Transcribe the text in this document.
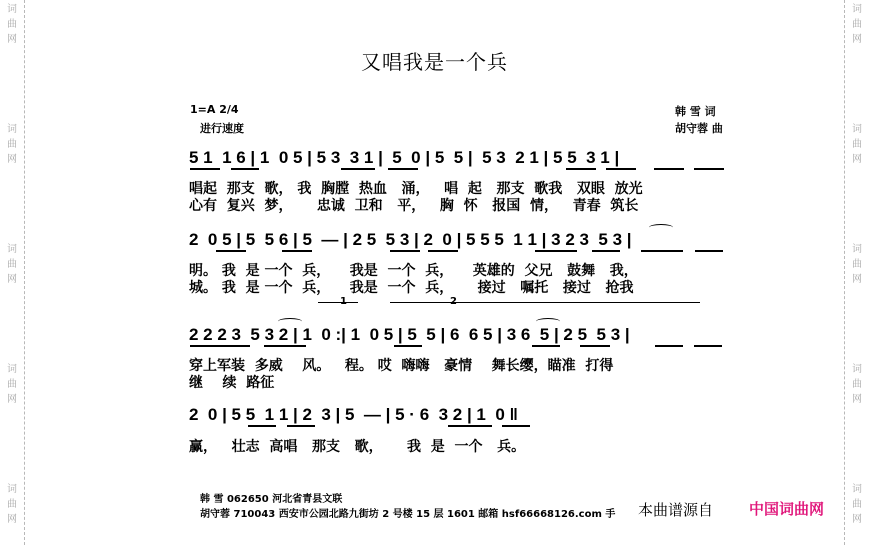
词
曲
网
词
曲
网
词
曲
网
词
曲
网
词
曲
网
词
曲
网
词
曲
网
词
曲
网
词
曲
网
词
曲
网
又唱我是一个兵
1=A 2/4
进行速度
韩 雪 词
胡守蓉 曲
5 1  1 6 | 1  0 5 | 5 3  3 1 |  5  0 | 5  5 |  5 3  2 1 | 5 5  3 1 |
唱起  那支  歌， 我  胸膛  热血   涌，   唱  起   那支  歌我   双眼  放光
心有  复兴  梦，     忠诚  卫和   平，   胸  怀   报国  情，   青春  筑长
2  0 5 | 5  5 6 | 5  — | 2 5  5 3 | 2  0 | 5 5 5  1 1 | 3 2 3  5 3 |
明。 我  是 一个  兵，    我是  一个  兵，    英雄的  父兄   鼓舞   我，
城。 我  是 一个  兵，    我是  一个  兵，     接过   嘱托   接过   抢我
1	2
2 2 2 3  5 3 2 | 1  0 :| 1  0 5 | 5  5 | 6  6 5 | 3 6  5 | 2 5  5 3 |
穿上军装  多威    风。   程。 哎  嗨嗨   豪情    舞长缨，瞄准  打得
继    续  路征
2  0 | 5 5  1 1 | 2  3 | 5  — | 5 · 6  3 2 | 1  0 ‖
赢，   壮志  高唱   那支   歌，     我  是  一个   兵。
韩 雪 062650 河北省青县文联
胡守蓉 710043 西安市公园北路九街坊 2 号楼 15 层 1601 邮箱 hsf66668126.com 手 本曲谱源自 中国词曲网
